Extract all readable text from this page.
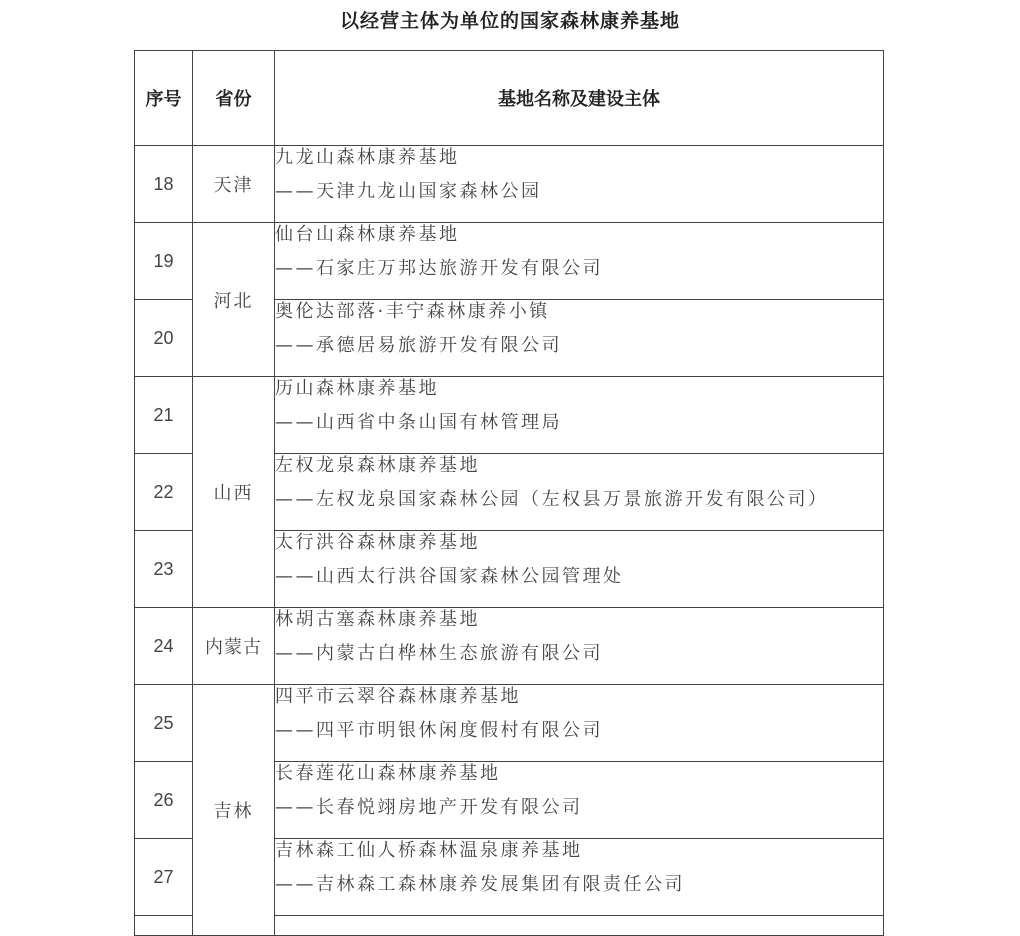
以经营主体为单位的国家森林康养基地
序号	省份	基地名称及建设主体
18	天津	九龙山森林康养基地
——天津九龙山国家森林公园

19	河北	仙台山森林康养基地
——石家庄万邦达旅游开发有限公司

20		奥伦达部落·丰宁森林康养小镇
——承德居易旅游开发有限公司

21	山西	历山森林康养基地
——山西省中条山国有林管理局

22		左权龙泉森林康养基地
——左权龙泉国家森林公园（左权县万景旅游开发有限公司）

23		太行洪谷森林康养基地
——山西太行洪谷国家森林公园管理处

24	内蒙古	林胡古塞森林康养基地
——内蒙古白桦林生态旅游有限公司

25	吉林	四平市云翠谷森林康养基地
——四平市明银休闲度假村有限公司

26		长春莲花山森林康养基地
——长春悦翊房地产开发有限公司

27		吉林森工仙人桥森林温泉康养基地
——吉林森工森林康养发展集团有限责任公司
